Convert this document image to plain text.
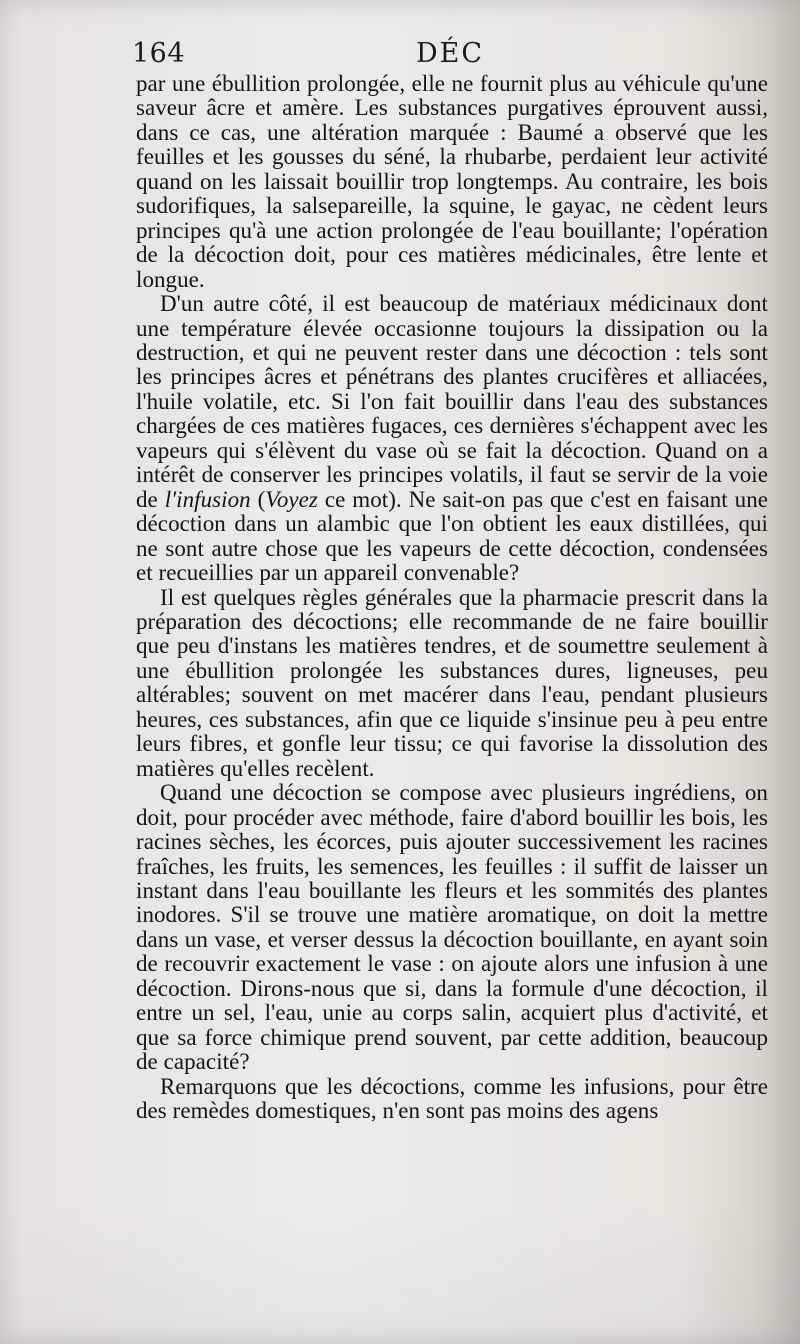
164	DÉC

par une ébullition prolongée, elle ne fournit plus au véhicule qu'une saveur âcre et amère. Les substances purgatives éprouvent aussi, dans ce cas, une altération marquée : Baumé a observé que les feuilles et les gousses du séné, la rhubarbe, perdaient leur activité quand on les laissait bouillir trop longtemps. Au contraire, les bois sudorifiques, la salsepareille, la squine, le gayac, ne cèdent leurs principes qu'à une action prolongée de l'eau bouillante; l'opération de la décoction doit, pour ces matières médicinales, être lente et longue.

D'un autre côté, il est beaucoup de matériaux médicinaux dont une température élevée occasionne toujours la dissipation ou la destruction, et qui ne peuvent rester dans une décoction : tels sont les principes âcres et pénétrans des plantes crucifères et alliacées, l'huile volatile, etc. Si l'on fait bouillir dans l'eau des substances chargées de ces matières fugaces, ces dernières s'échappent avec les vapeurs qui s'élèvent du vase où se fait la décoction. Quand on a intérêt de conserver les principes volatils, il faut se servir de la voie de l'infusion (Voyez ce mot). Ne sait-on pas que c'est en faisant une décoction dans un alambic que l'on obtient les eaux distillées, qui ne sont autre chose que les vapeurs de cette décoction, condensées et recueillies par un appareil convenable?

Il est quelques règles générales que la pharmacie prescrit dans la préparation des décoctions; elle recommande de ne faire bouillir que peu d'instans les matières tendres, et de soumettre seulement à une ébullition prolongée les substances dures, ligneuses, peu altérables; souvent on met macérer dans l'eau, pendant plusieurs heures, ces substances, afin que ce liquide s'insinue peu à peu entre leurs fibres, et gonfle leur tissu; ce qui favorise la dissolution des matières qu'elles recèlent.

Quand une décoction se compose avec plusieurs ingrédiens, on doit, pour procéder avec méthode, faire d'abord bouillir les bois, les racines sèches, les écorces, puis ajouter successivement les racines fraîches, les fruits, les semences, les feuilles : il suffit de laisser un instant dans l'eau bouillante les fleurs et les sommités des plantes inodores. S'il se trouve une matière aromatique, on doit la mettre dans un vase, et verser dessus la décoction bouillante, en ayant soin de recouvrir exactement le vase : on ajoute alors une infusion à une décoction. Dirons-nous que si, dans la formule d'une décoction, il entre un sel, l'eau, unie au corps salin, acquiert plus d'activité, et que sa force chimique prend souvent, par cette addition, beaucoup de capacité?

Remarquons que les décoctions, comme les infusions, pour être des remèdes domestiques, n'en sont pas moins des agens
